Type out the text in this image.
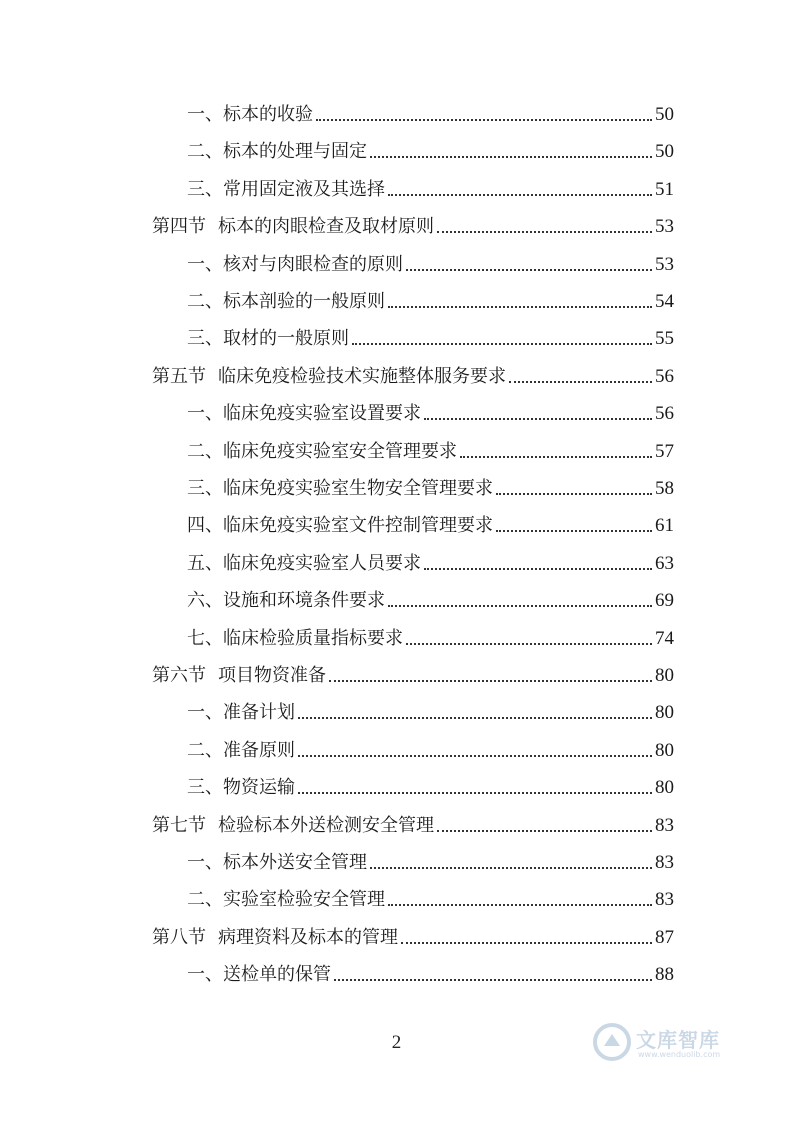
一、标本的收验	50
二、标本的处理与固定	50
三、常用固定液及其选择	51
第四节 标本的肉眼检查及取材原则	53
一、核对与肉眼检查的原则	53
二、标本剖验的一般原则	54
三、取材的一般原则	55
第五节 临床免疫检验技术实施整体服务要求	56
一、临床免疫实验室设置要求	56
二、临床免疫实验室安全管理要求	57
三、临床免疫实验室生物安全管理要求	58
四、临床免疫实验室文件控制管理要求	61
五、临床免疫实验室人员要求	63
六、设施和环境条件要求	69
七、临床检验质量指标要求	74
第六节 项目物资准备	80
一、准备计划	80
二、准备原则	80
三、物资运输	80
第七节 检验标本外送检测安全管理	83
一、标本外送安全管理	83
二、实验室检验安全管理	83
第八节 病理资料及标本的管理	87
一、送检单的保管	88
2	文库智库
www.wenduolib.com
